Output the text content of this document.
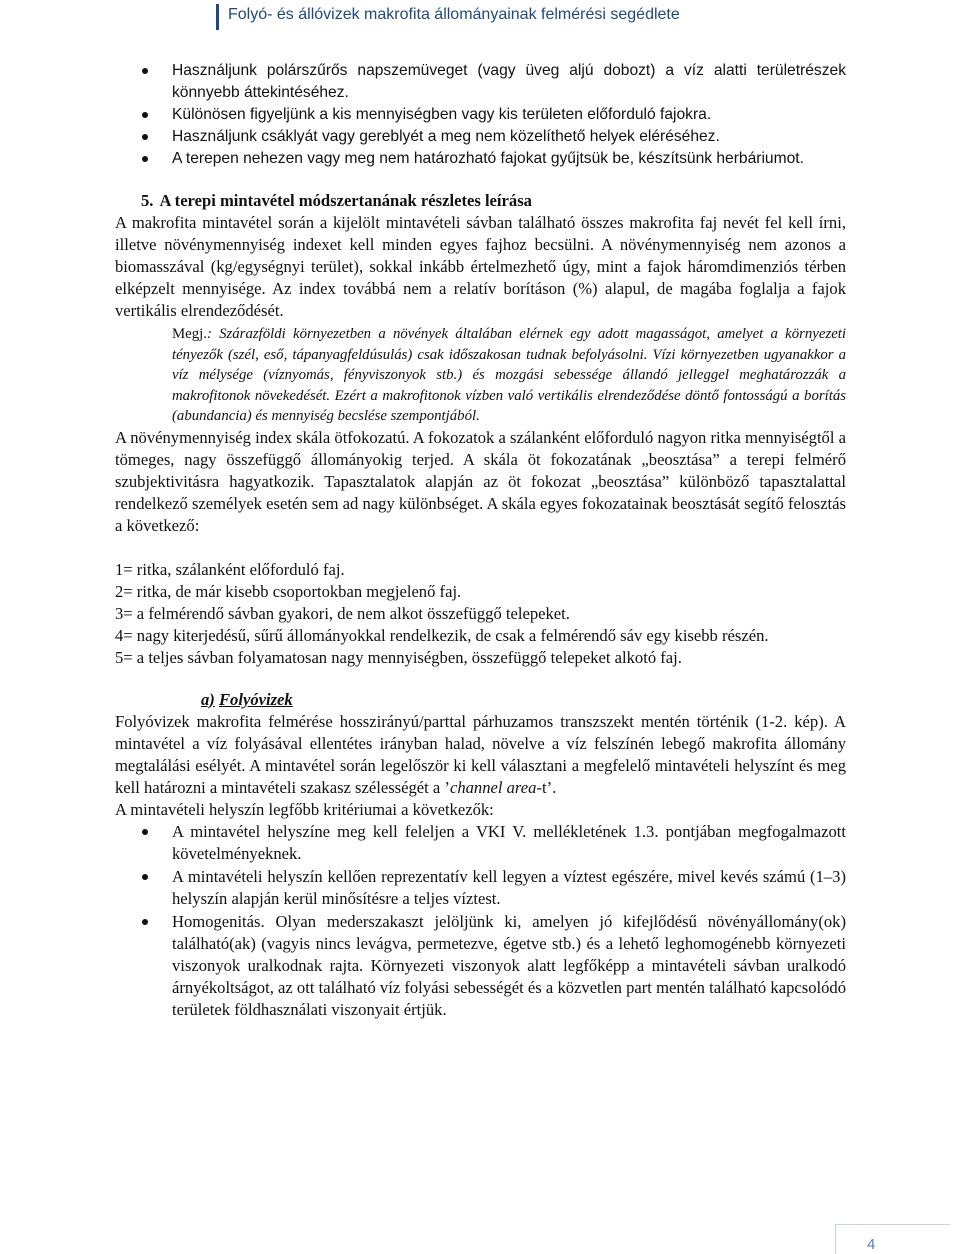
Folyó- és állóvizek makrofita állományainak felmérési segédlete
Használjunk polárszűrős napszemüveget (vagy üveg aljú dobozt) a víz alatti területrészek könnyebb áttekintéséhez.
Különösen figyeljünk a kis mennyiségben vagy kis területen előforduló fajokra.
Használjunk csáklyát vagy gereblyét a meg nem közelíthető helyek eléréséhez.
A terepen nehezen vagy meg nem határozható fajokat gyűjtsük be, készítsünk herbáriumot.
5. A terepi mintavétel módszertanának részletes leírása

A makrofita mintavétel során a kijelölt mintavételi sávban található összes makrofita faj nevét fel kell írni, illetve növénymennyiség indexet kell minden egyes fajhoz becsülni. A növénymennyiség nem azonos a biomasszával (kg/egységnyi terület), sokkal inkább értelmezhető úgy, mint a fajok háromdimenziós térben elképzelt mennyisége. Az index továbbá nem a relatív borításon (%) alapul, de magába foglalja a fajok vertikális elrendeződését.

Megj.: Szárazföldi környezetben a növények általában elérnek egy adott magasságot, amelyet a környezeti tényezők (szél, eső, tápanyagfeldúsulás) csak időszakosan tudnak befolyásolni. Vízi környezetben ugyanakkor a víz mélysége (víznyomás, fényviszonyok stb.) és mozgási sebessége állandó jelleggel meghatározzák a makrofitonok növekedését. Ezért a makrofitonok vízben való vertikális elrendeződése döntő fontosságú a borítás (abundancia) és mennyiség becslése szempontjából.

A növénymennyiség index skála ötfokozatú. A fokozatok a szálanként előforduló nagyon ritka mennyiségtől a tömeges, nagy összefüggő állományokig terjed. A skála öt fokozatának „beosztása” a terepi felmérő szubjektivitásra hagyatkozik. Tapasztalatok alapján az öt fokozat „beosztása” különböző tapasztalattal rendelkező személyek esetén sem ad nagy különbséget. A skála egyes fokozatainak beosztását segítő felosztás a következő:

1= ritka, szálanként előforduló faj.

2= ritka, de már kisebb csoportokban megjelenő faj.

3= a felmérendő sávban gyakori, de nem alkot összefüggő telepeket.

4= nagy kiterjedésű, sűrű állományokkal rendelkezik, de csak a felmérendő sáv egy kisebb részén.

5= a teljes sávban folyamatosan nagy mennyiségben, összefüggő telepeket alkotó faj.

a) Folyóvizek

Folyóvizek makrofita felmérése hosszirányú/parttal párhuzamos transzszekt mentén történik (1-2. kép). A mintavétel a víz folyásával ellentétes irányban halad, növelve a víz felszínén lebegő makrofita állomány megtalálási esélyét. A mintavétel során legelőször ki kell választani a megfelelő mintavételi helyszínt és meg kell határozni a mintavételi szakasz szélességét a ’channel area-t’.

A mintavételi helyszín legfőbb kritériumai a következők:

A mintavétel helyszíne meg kell feleljen a VKI V. mellékletének 1.3. pontjában megfogalmazott követelményeknek.
A mintavételi helyszín kellően reprezentatív kell legyen a víztest egészére, mivel kevés számú (1–3) helyszín alapján kerül minősítésre a teljes víztest.
Homogenitás. Olyan mederszakaszt jelöljünk ki, amelyen jó kifejlődésű növényállomány(ok) található(ak) (vagyis nincs levágva, permetezve, égetve stb.) és a lehető leghomogénebb környezeti viszonyok uralkodnak rajta. Környezeti viszonyok alatt legfőképp a mintavételi sávban uralkodó árnyékoltságot, az ott található víz folyási sebességét és a közvetlen part mentén található kapcsolódó területek földhasználati viszonyait értjük.
4
